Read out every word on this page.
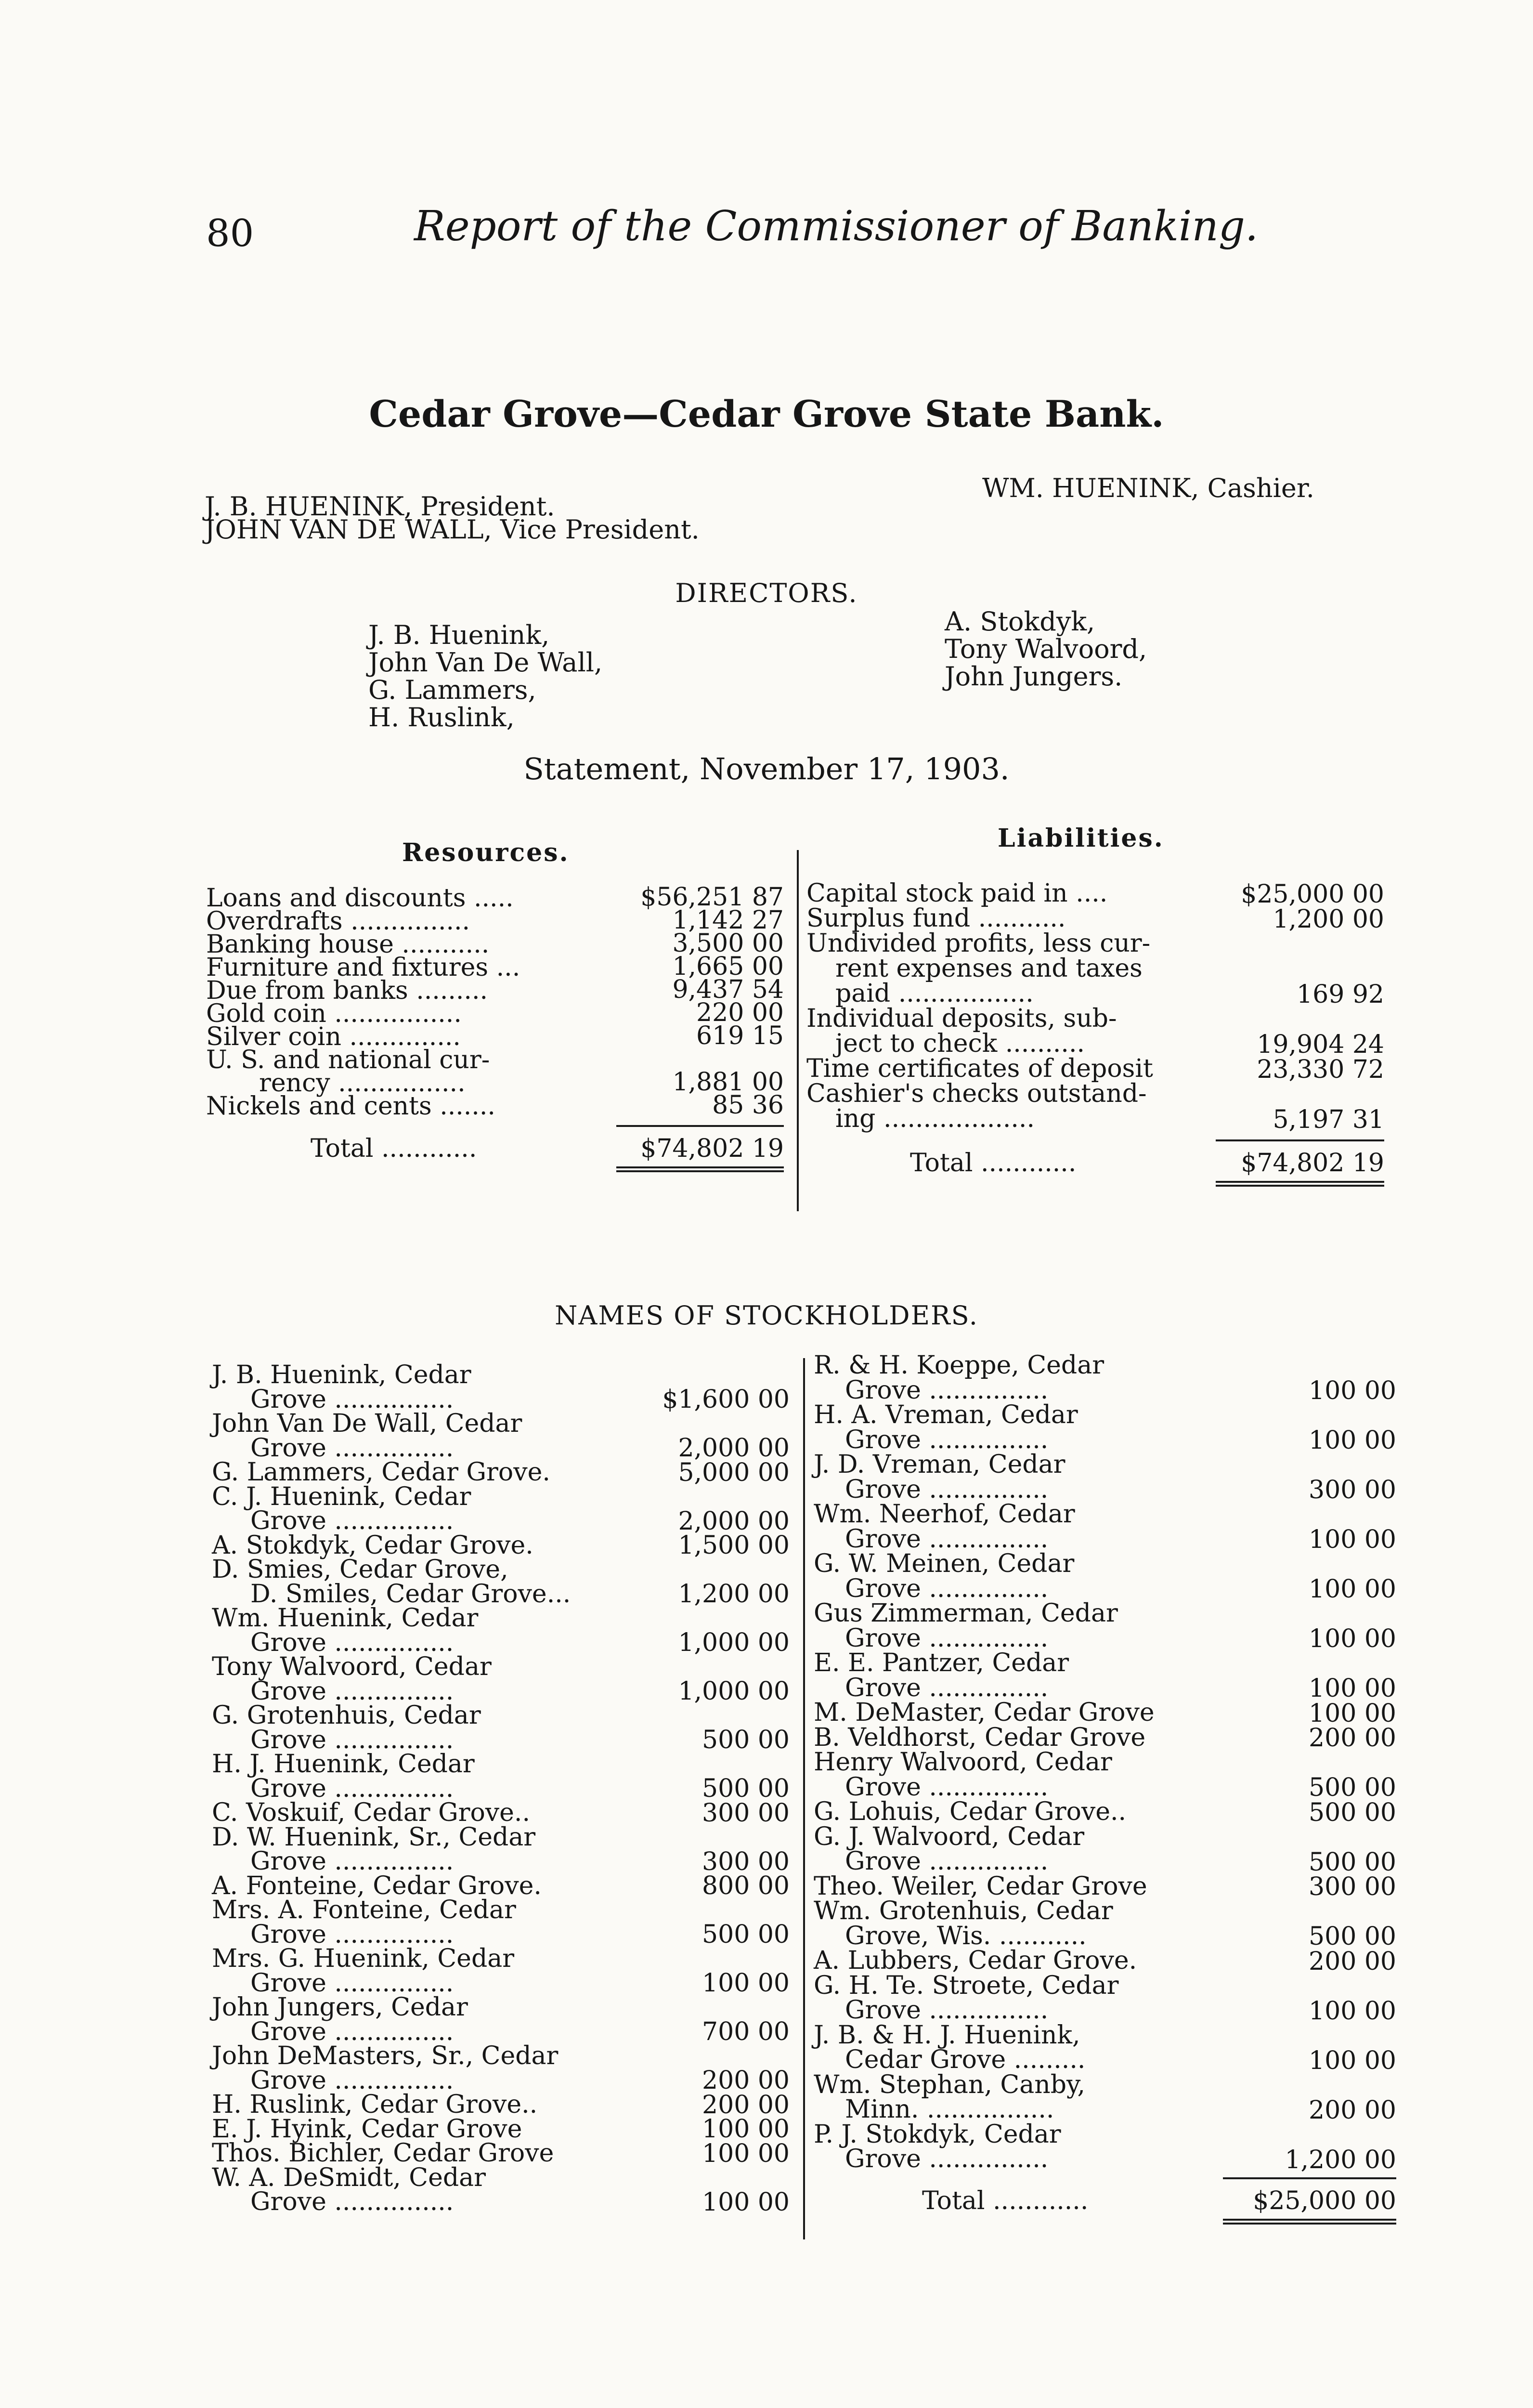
80	Report of the Commissioner of Banking.
Cedar Grove—Cedar Grove State Bank.
J. B. HUENINK, President.
JOHN VAN DE WALL, Vice President.
WM. HUENINK, Cashier.
DIRECTORS.
J. B. Huenink,
John Van De Wall,
G. Lammers,
H. Ruslink,
A. Stokdyk,
Tony Walvoord,
John Jungers.
Statement, November 17, 1903.
Resources.	Liabilities.
Loans and discounts .....	$56,251 87
Overdrafts ...............	1,142 27
Banking house ...........	3,500 00
Furniture and fixtures ...	1,665 00
Due from banks .........	9,437 54
Gold coin ................	220 00
Silver coin ..............	619 15
U. S. and national cur-
rency ................	1,881 00
Nickels and cents .......	85 36
Total ............	$74,802 19
Capital stock paid in ....	$25,000 00
Surplus fund ...........	1,200 00
Undivided profits, less cur-
rent expenses and taxes
paid .................	169 92
Individual deposits, sub-
ject to check ..........	19,904 24
Time certificates of deposit	23,330 72
Cashier's checks outstand-
ing ...................	5,197 31
Total ............	$74,802 19
NAMES OF STOCKHOLDERS.
J. B. Huenink, Cedar
Grove ...............	$1,600 00
John Van De Wall, Cedar
Grove ...............	2,000 00
G. Lammers, Cedar Grove.	5,000 00
C. J. Huenink, Cedar
Grove ...............	2,000 00
A. Stokdyk, Cedar Grove.	1,500 00
D. Smies, Cedar Grove,
D. Smiles, Cedar Grove...	1,200 00
Wm. Huenink, Cedar
Grove ...............	1,000 00
Tony Walvoord, Cedar
Grove ...............	1,000 00
G. Grotenhuis, Cedar
Grove ...............	500 00
H. J. Huenink, Cedar
Grove ...............	500 00
C. Voskuif, Cedar Grove..	300 00
D. W. Huenink, Sr., Cedar
Grove ...............	300 00
A. Fonteine, Cedar Grove.	800 00
Mrs. A. Fonteine, Cedar
Grove ...............	500 00
Mrs. G. Huenink, Cedar
Grove ...............	100 00
John Jungers, Cedar
Grove ...............	700 00
John DeMasters, Sr., Cedar
Grove ...............	200 00
H. Ruslink, Cedar Grove..	200 00
E. J. Hyink, Cedar Grove	100 00
Thos. Bichler, Cedar Grove	100 00
W. A. DeSmidt, Cedar
Grove ...............	100 00
R. & H. Koeppe, Cedar
Grove ...............	100 00
H. A. Vreman, Cedar
Grove ...............	100 00
J. D. Vreman, Cedar
Grove ...............	300 00
Wm. Neerhof, Cedar
Grove ...............	100 00
G. W. Meinen, Cedar
Grove ...............	100 00
Gus Zimmerman, Cedar
Grove ...............	100 00
E. E. Pantzer, Cedar
Grove ...............	100 00
M. DeMaster, Cedar Grove	100 00
B. Veldhorst, Cedar Grove	200 00
Henry Walvoord, Cedar
Grove ...............	500 00
G. Lohuis, Cedar Grove..	500 00
G. J. Walvoord, Cedar
Grove ...............	500 00
Theo. Weiler, Cedar Grove	300 00
Wm. Grotenhuis, Cedar
Grove, Wis. ...........	500 00
A. Lubbers, Cedar Grove.	200 00
G. H. Te. Stroete, Cedar
Grove ...............	100 00
J. B. & H. J. Huenink,
Cedar Grove .........	100 00
Wm. Stephan, Canby,
Minn. ................	200 00
P. J. Stokdyk, Cedar
Grove ...............	1,200 00
Total ............	$25,000 00
